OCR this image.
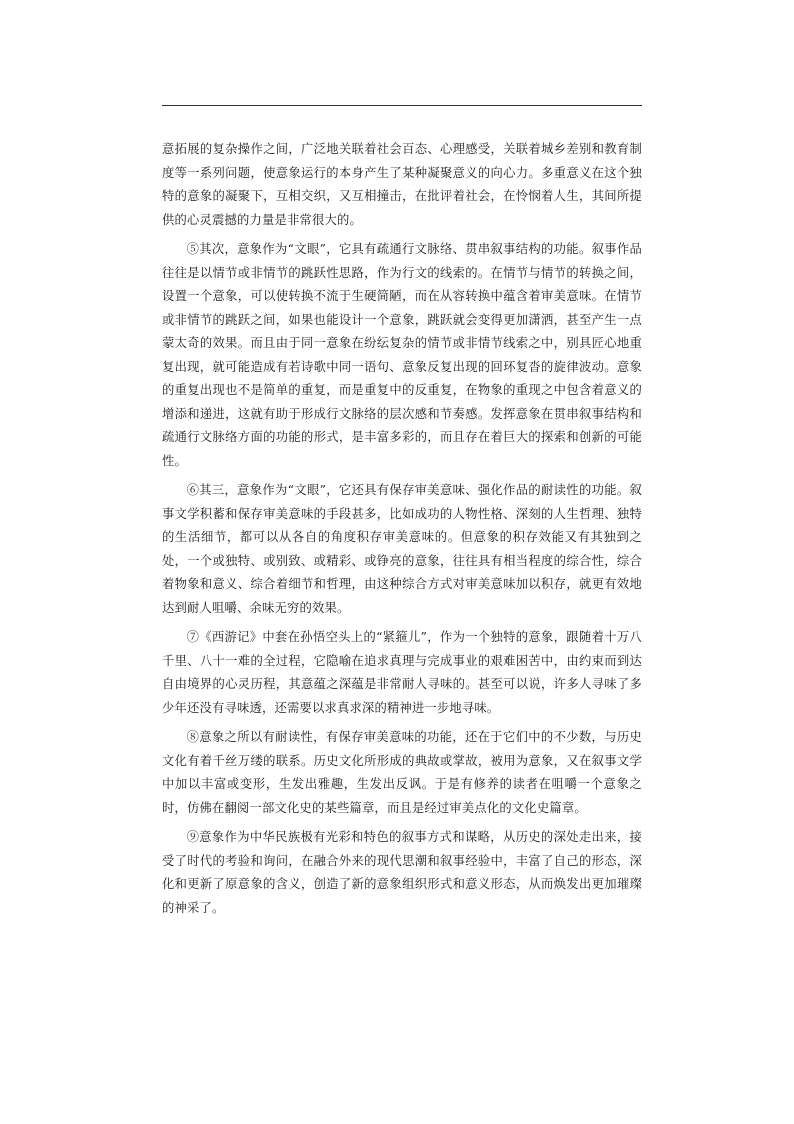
意拓展的复杂操作之间，广泛地关联着社会百态、心理感受，关联着城乡差别和教育制度等一系列问题，使意象运行的本身产生了某种凝聚意义的向心力。多重意义在这个独特的意象的凝聚下，互相交织，又互相撞击，在批评着社会，在怜悯着人生，其间所提供的心灵震撼的力量是非常很大的。

⑤其次，意象作为“文眼”，它具有疏通行文脉络、贯串叙事结构的功能。叙事作品往往是以情节或非情节的跳跃性思路，作为行文的线索的。在情节与情节的转换之间，设置一个意象，可以使转换不流于生硬简陋，而在从容转换中蕴含着审美意味。在情节或非情节的跳跃之间，如果也能设计一个意象，跳跃就会变得更加潇洒，甚至产生一点蒙太奇的效果。而且由于同一意象在纷纭复杂的情节或非情节线索之中，别具匠心地重复出现，就可能造成有若诗歌中同一语句、意象反复出现的回环复沓的旋律波动。意象的重复出现也不是简单的重复，而是重复中的反重复，在物象的重现之中包含着意义的增添和递进，这就有助于形成行文脉络的层次感和节奏感。发挥意象在贯串叙事结构和疏通行文脉络方面的功能的形式，是丰富多彩的，而且存在着巨大的探索和创新的可能性。

⑥其三，意象作为“文眼”，它还具有保存审美意味、强化作品的耐读性的功能。叙事文学积蓄和保存审美意味的手段甚多，比如成功的人物性格、深刻的人生哲理、独特的生活细节，都可以从各自的角度积存审美意味的。但意象的积存效能又有其独到之处，一个或独特、或别致、或精彩、或铮亮的意象，往往具有相当程度的综合性，综合着物象和意义、综合着细节和哲理，由这种综合方式对审美意味加以积存，就更有效地达到耐人咀嚼、余味无穷的效果。

⑦《西游记》中套在孙悟空头上的“紧箍儿”，作为一个独特的意象，跟随着十万八千里、八十一难的全过程，它隐喻在追求真理与完成事业的艰难困苦中，由约束而到达自由境界的心灵历程，其意蕴之深蕴是非常耐人寻味的。甚至可以说，许多人寻味了多少年还没有寻味透，还需要以求真求深的精神进一步地寻味。

⑧意象之所以有耐读性，有保存审美意味的功能，还在于它们中的不少数，与历史文化有着千丝万缕的联系。历史文化所形成的典故或掌故，被用为意象，又在叙事文学中加以丰富或变形，生发出雅趣，生发出反讽。于是有修养的读者在咀嚼一个意象之时，仿佛在翻阅一部文化史的某些篇章，而且是经过审美点化的文化史篇章。

⑨意象作为中华民族极有光彩和特色的叙事方式和谋略，从历史的深处走出来，接受了时代的考验和询问，在融合外来的现代思潮和叙事经验中，丰富了自己的形态，深化和更新了原意象的含义，创造了新的意象组织形式和意义形态，从而焕发出更加璀璨的神采了。
